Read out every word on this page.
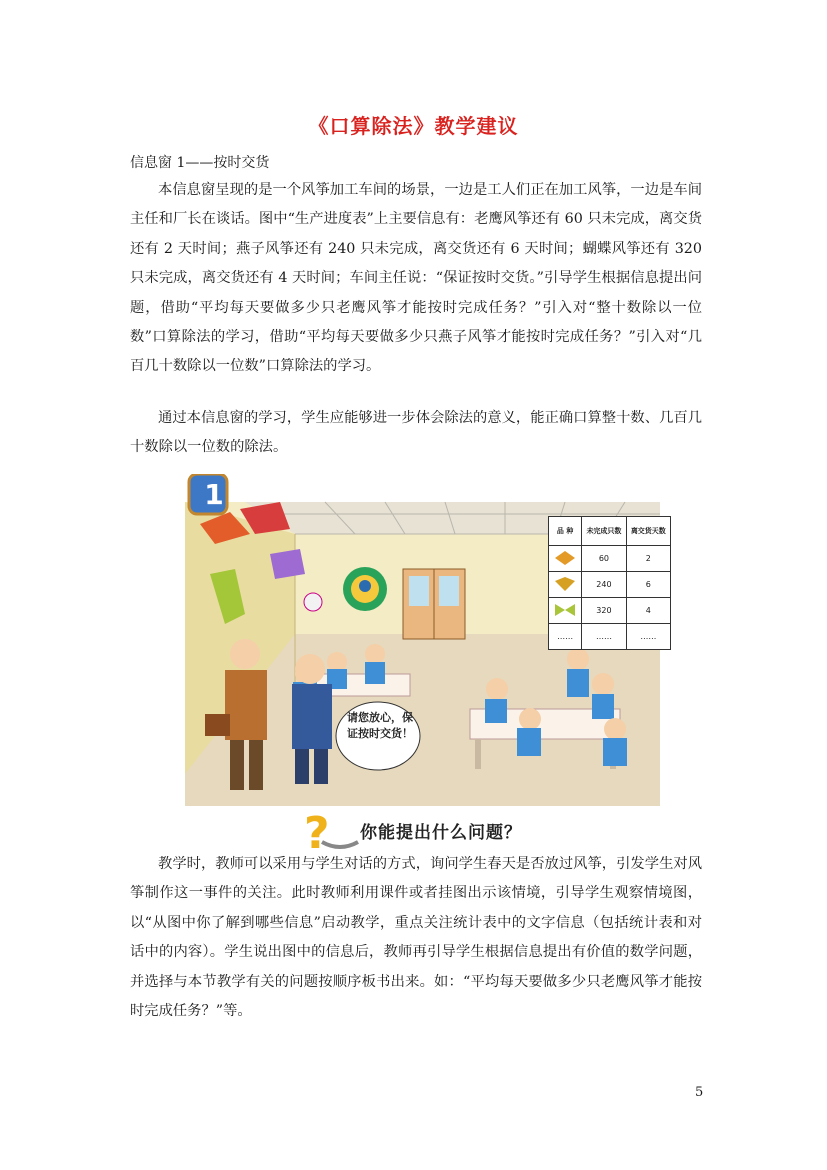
《口算除法》教学建议
信息窗 1——按时交货

本信息窗呈现的是一个风筝加工车间的场景，一边是工人们正在加工风筝，一边是车间主任和厂长在谈话。图中“生产进度表”上主要信息有：老鹰风筝还有 60 只未完成，离交货还有 2 天时间；燕子风筝还有 240 只未完成，离交货还有 6 天时间；蝴蝶风筝还有 320 只未完成，离交货还有 4 天时间；车间主任说：“保证按时交货。”引导学生根据信息提出问题，借助“平均每天要做多少只老鹰风筝才能按时完成任务？”引入对“整十数除以一位数”口算除法的学习，借助“平均每天要做多少只燕子风筝才能按时完成任务？”引入对“几百几十数除以一位数”口算除法的学习。

通过本信息窗的学习，学生应能够进一步体会除法的意义，能正确口算整十数、几百几十数除以一位数的除法。

1
请您放心，保证按时交货！
品 种	未完成只数	离交货天数
	60	2
	240	6
	320	4
……	……	……
? 你能提出什么问题？

教学时，教师可以采用与学生对话的方式，询问学生春天是否放过风筝，引发学生对风筝制作这一事件的关注。此时教师利用课件或者挂图出示该情境，引导学生观察情境图，以“从图中你了解到哪些信息”启动教学，重点关注统计表中的文字信息（包括统计表和对话中的内容）。学生说出图中的信息后，教师再引导学生根据信息提出有价值的数学问题，并选择与本节教学有关的问题按顺序板书出来。如：“平均每天要做多少只老鹰风筝才能按时完成任务？”等。

5
